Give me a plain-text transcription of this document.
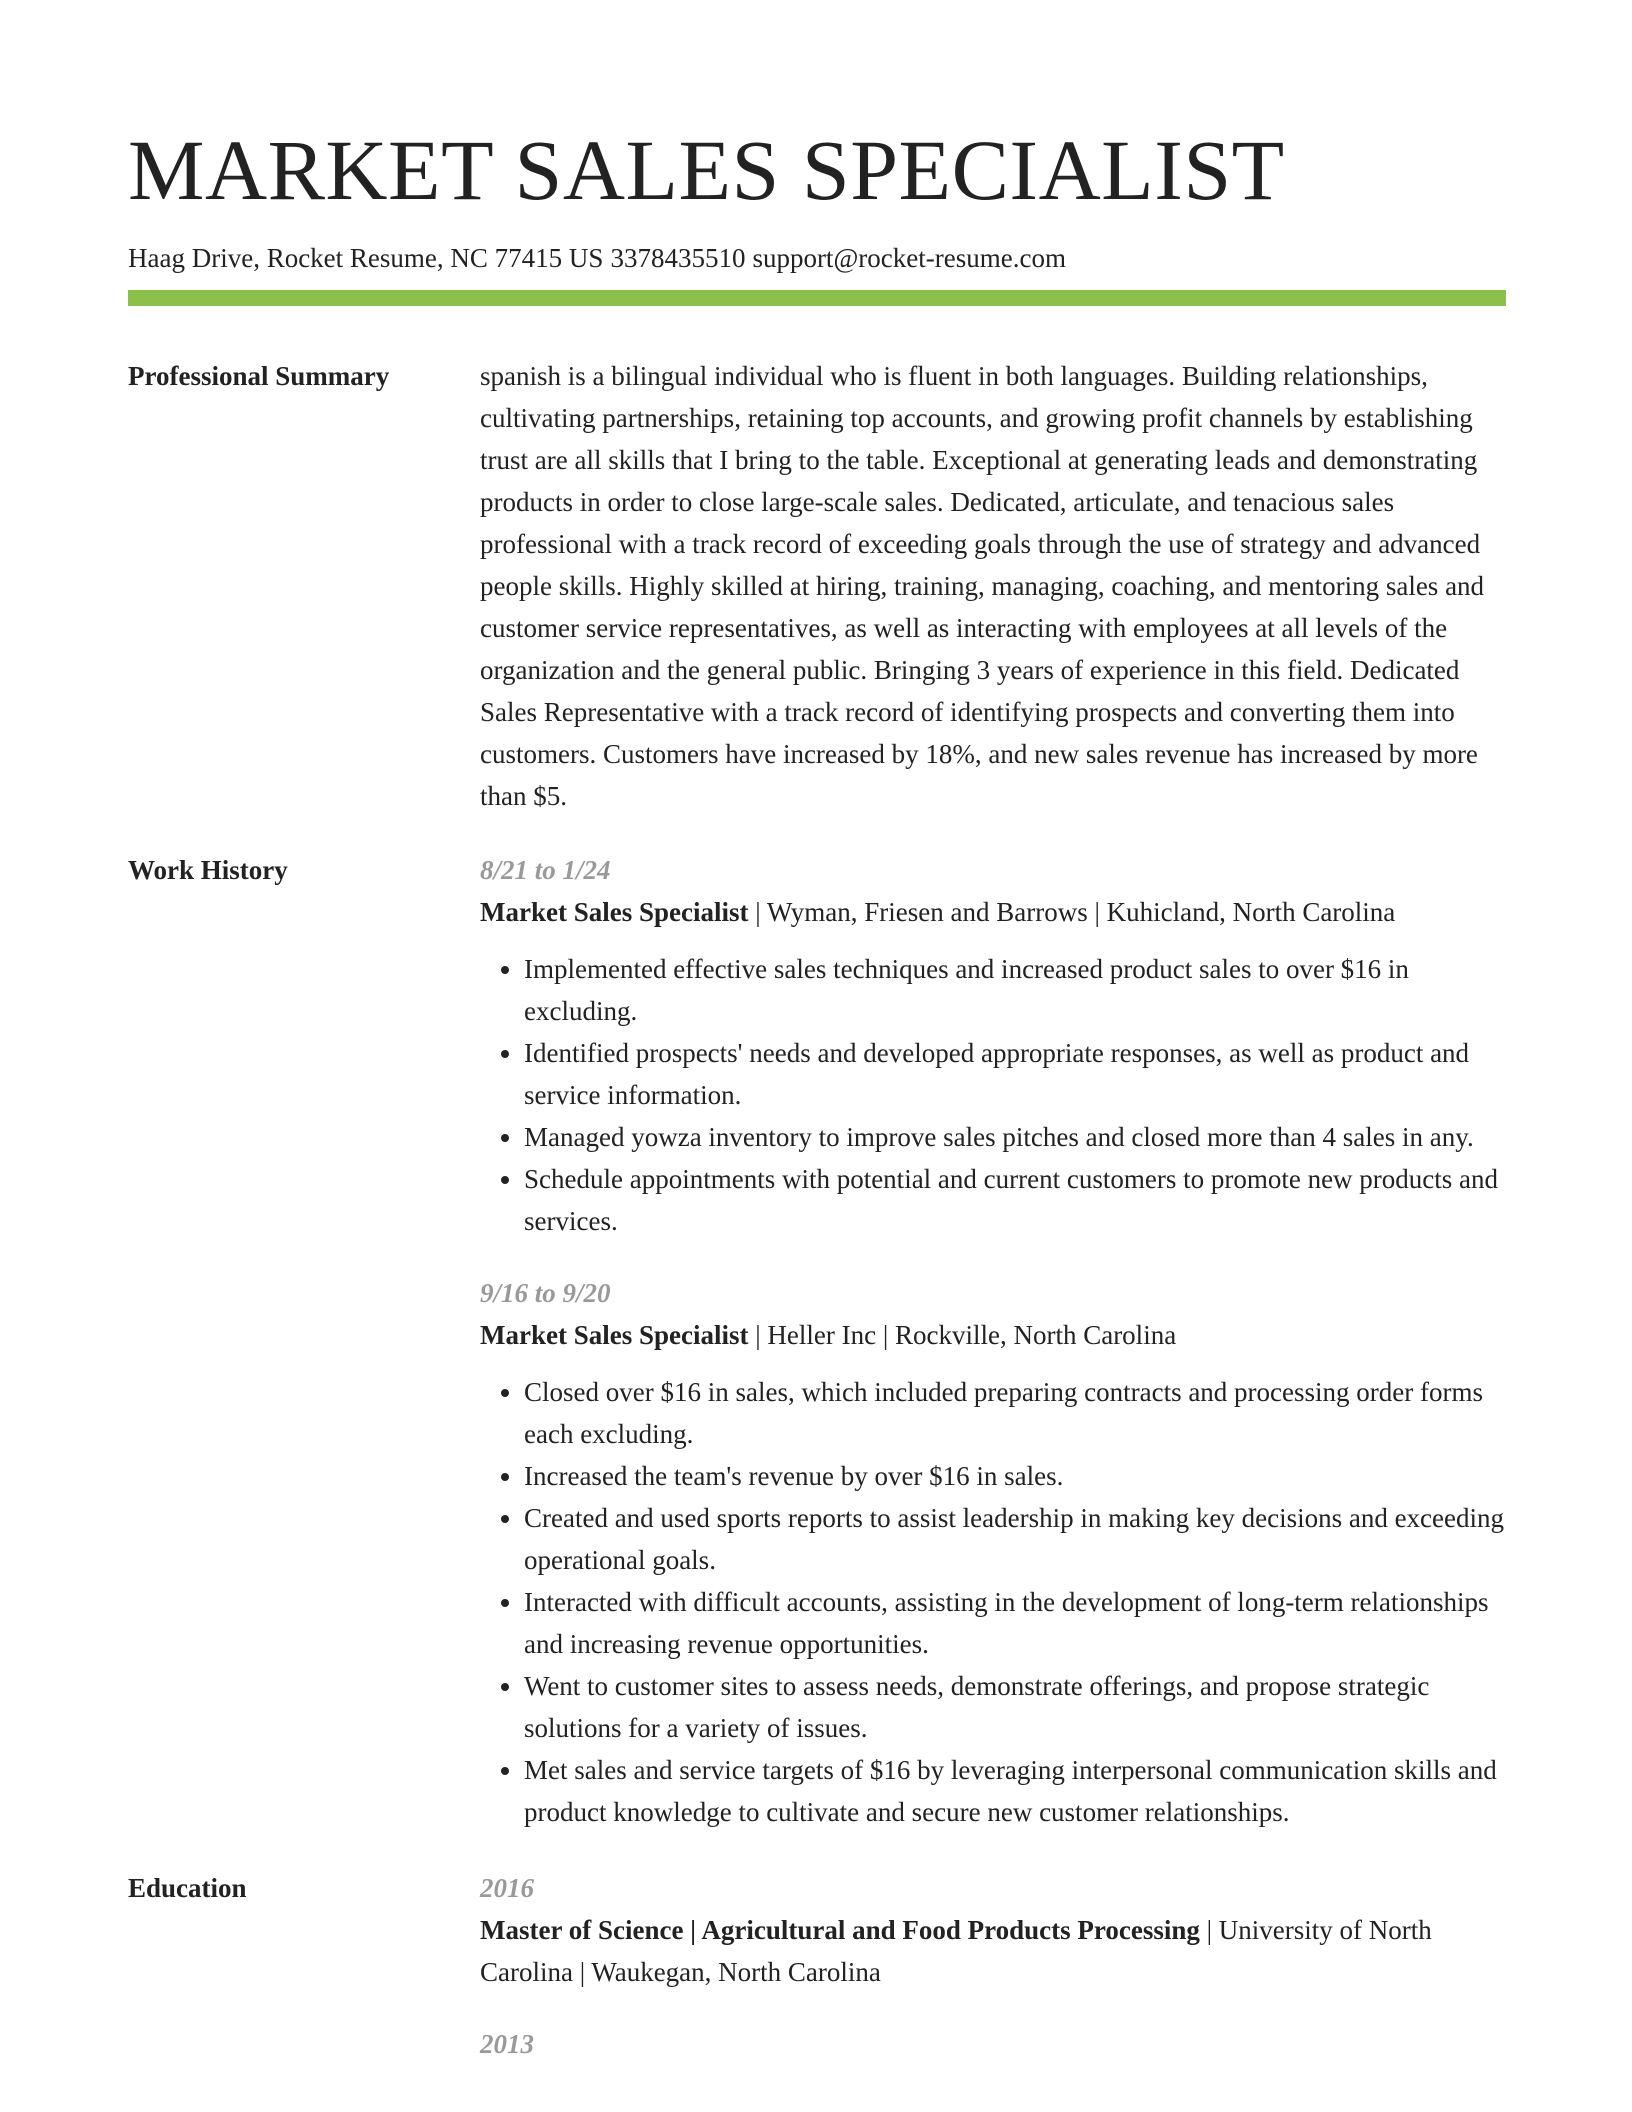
MARKET SALES SPECIALIST
Haag Drive, Rocket Resume, NC 77415 US 3378435510 support@rocket-resume.com
Professional Summary	spanish is a bilingual individual who is fluent in both languages. Building relationships, cultivating partnerships, retaining top accounts, and growing profit channels by establishing trust are all skills that I bring to the table. Exceptional at generating leads and demonstrating products in order to close large-scale sales. Dedicated, articulate, and tenacious sales professional with a track record of exceeding goals through the use of strategy and advanced people skills. Highly skilled at hiring, training, managing, coaching, and mentoring sales and customer service representatives, as well as interacting with employees at all levels of the organization and the general public. Bringing 3 years of experience in this field. Dedicated Sales Representative with a track record of identifying prospects and converting them into customers. Customers have increased by 18%, and new sales revenue has increased by more than $5.

Work History	8/21 to 1/24
Market Sales Specialist | Wyman, Friesen and Barrows | Kuhicland, North Carolina
• Implemented effective sales techniques and increased product sales to over $16 in excluding.
• Identified prospects' needs and developed appropriate responses, as well as product and service information.
• Managed yowza inventory to improve sales pitches and closed more than 4 sales in any.
• Schedule appointments with potential and current customers to promote new products and services.
9/16 to 9/20
Market Sales Specialist | Heller Inc | Rockville, North Carolina
• Closed over $16 in sales, which included preparing contracts and processing order forms each excluding.
• Increased the team's revenue by over $16 in sales.
• Created and used sports reports to assist leadership in making key decisions and exceeding operational goals.
• Interacted with difficult accounts, assisting in the development of long-term relationships and increasing revenue opportunities.
• Went to customer sites to assess needs, demonstrate offerings, and propose strategic solutions for a variety of issues.
• Met sales and service targets of $16 by leveraging interpersonal communication skills and product knowledge to cultivate and secure new customer relationships.
Education	2016
Master of Science | Agricultural and Food Products Processing | University of North Carolina | Waukegan, North Carolina
2013
